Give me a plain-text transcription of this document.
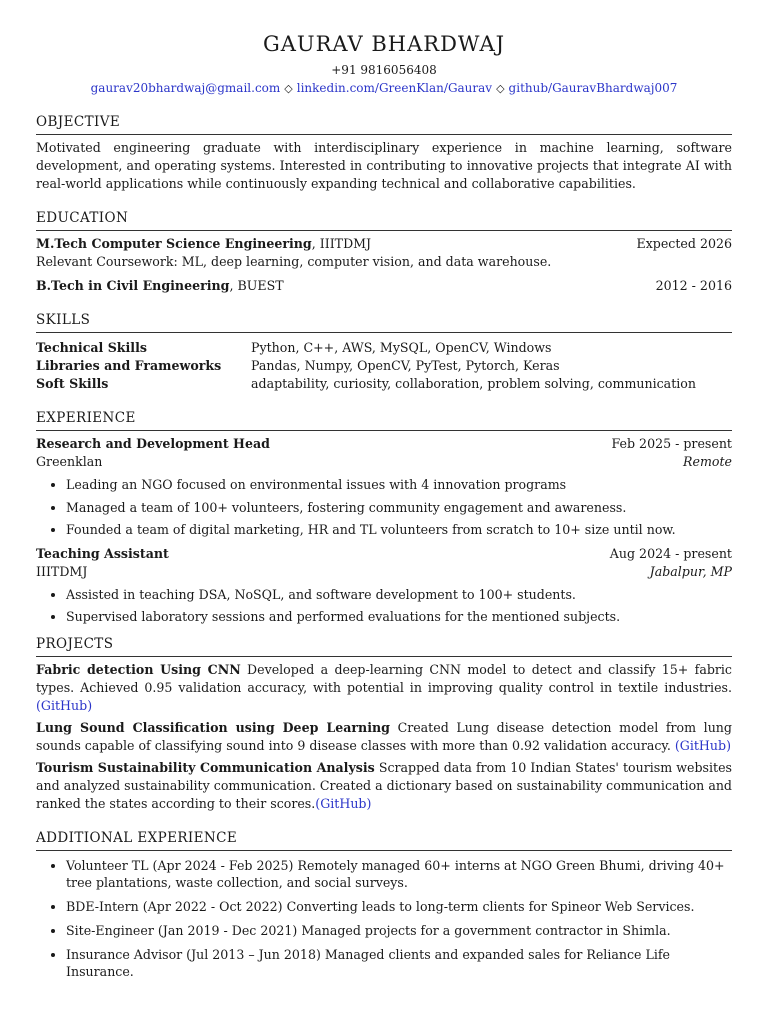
GAURAV BHARDWAJ
+91 9816056408
gaurav20bhardwaj@gmail.com ◇ linkedin.com/GreenKlan/Gaurav ◇ github/GauravBhardwaj007
OBJECTIVE
Motivated engineering graduate with interdisciplinary experience in machine learning, software development, and operating systems. Interested in contributing to innovative projects that integrate AI with real-world applications while continuously expanding technical and collaborative capabilities.
EDUCATION
M.Tech Computer Science Engineering, IIITDMJ	Expected 2026
Relevant Coursework: ML, deep learning, computer vision, and data warehouse.
B.Tech in Civil Engineering, BUEST	2012 - 2016
SKILLS
Technical Skills	Python, C++, AWS, MySQL, OpenCV, Windows
Libraries and Frameworks	Pandas, Numpy, OpenCV, PyTest, Pytorch, Keras
Soft Skills	adaptability, curiosity, collaboration, problem solving, communication
EXPERIENCE
Research and Development Head	Feb 2025 - present
Greenklan	Remote
• Leading an NGO focused on environmental issues with 4 innovation programs
• Managed a team of 100+ volunteers, fostering community engagement and awareness.
• Founded a team of digital marketing, HR and TL volunteers from scratch to 10+ size until now.
Teaching Assistant	Aug 2024 - present
IIITDMJ	Jabalpur, MP
• Assisted in teaching DSA, NoSQL, and software development to 100+ students.
• Supervised laboratory sessions and performed evaluations for the mentioned subjects.
PROJECTS
Fabric detection Using CNN Developed a deep-learning CNN model to detect and classify 15+ fabric types. Achieved 0.95 validation accuracy, with potential in improving quality control in textile industries. (GitHub)
Lung Sound Classification using Deep Learning Created Lung disease detection model from lung sounds capable of classifying sound into 9 disease classes with more than 0.92 validation accuracy. (GitHub)
Tourism Sustainability Communication Analysis Scrapped data from 10 Indian States' tourism websites and analyzed sustainability communication. Created a dictionary based on sustainability communication and ranked the states according to their scores.(GitHub)
ADDITIONAL EXPERIENCE
• Volunteer TL (Apr 2024 - Feb 2025) Remotely managed 60+ interns at NGO Green Bhumi, driving 40+ tree plantations, waste collection, and social surveys.
• BDE-Intern (Apr 2022 - Oct 2022) Converting leads to long-term clients for Spineor Web Services.
• Site-Engineer (Jan 2019 - Dec 2021) Managed projects for a government contractor in Shimla.
• Insurance Advisor (Jul 2013 – Jun 2018) Managed clients and expanded sales for Reliance Life Insurance.
